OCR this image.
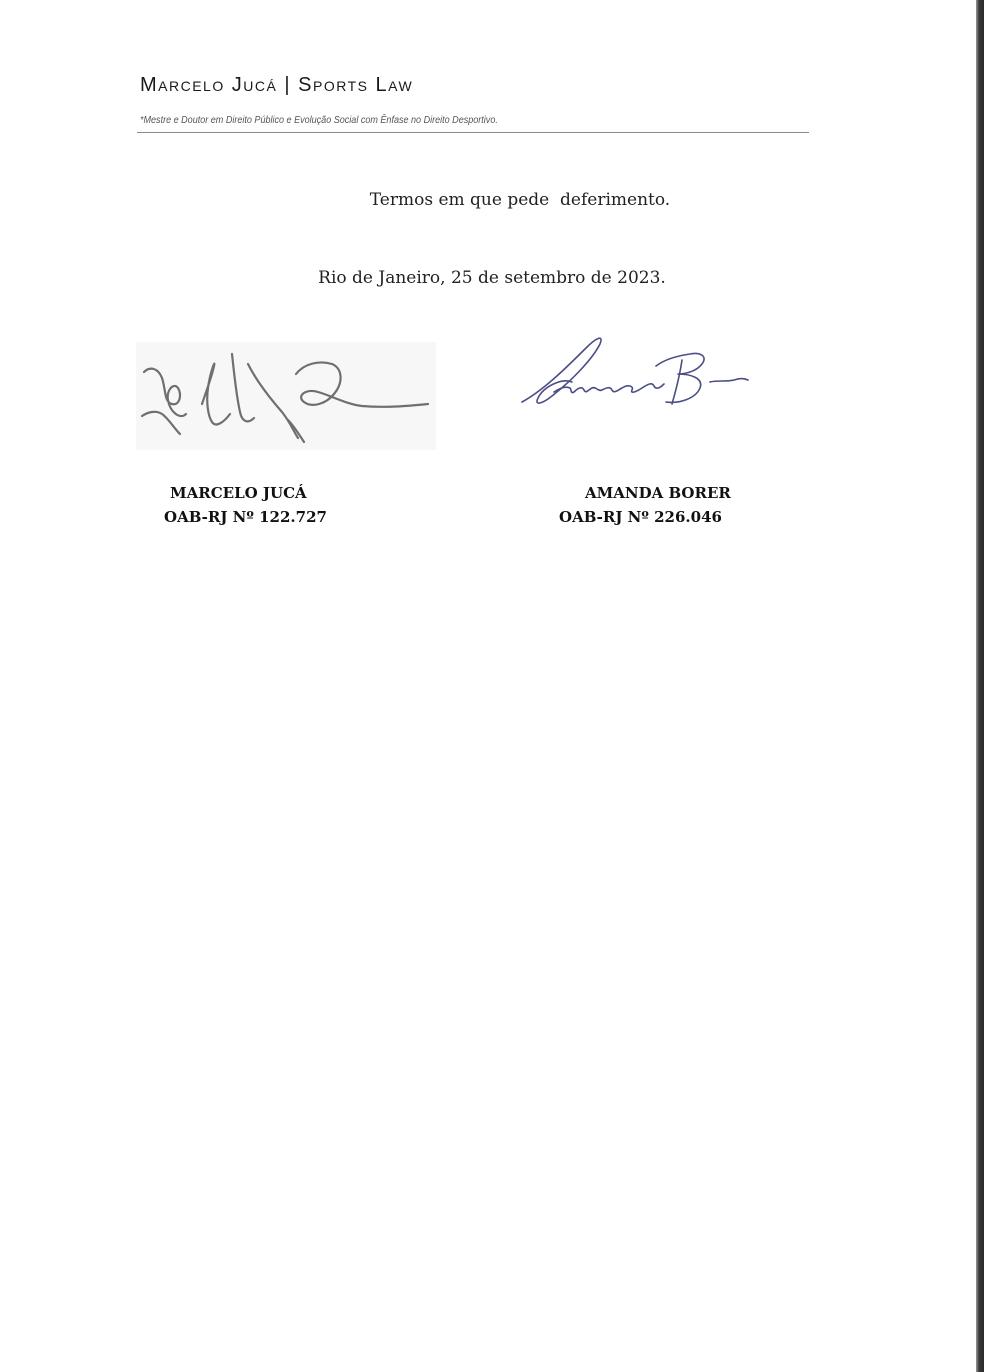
Marcelo Jucá | Sports Law
*Mestre e Doutor em Direito Público e Evolução Social com Ênfase no Direito Desportivo.
Termos em que pede  deferimento.
Rio de Janeiro, 25 de setembro de 2023.
MARCELO JUCÁ
OAB-RJ Nº 122.727
AMANDA BORER
OAB-RJ Nº 226.046
